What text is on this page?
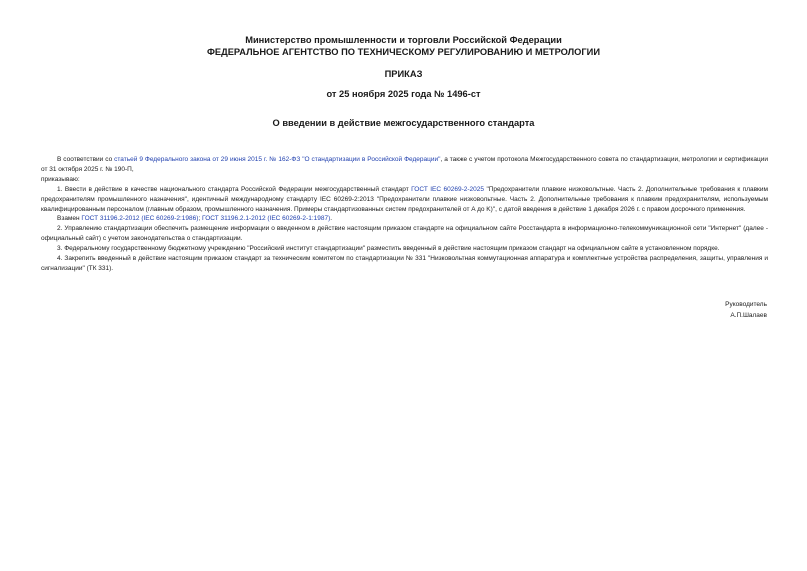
Министерство промышленности и торговли Российской Федерации
ФЕДЕРАЛЬНОЕ АГЕНТСТВО ПО ТЕХНИЧЕСКОМУ РЕГУЛИРОВАНИЮ И МЕТРОЛОГИИ
ПРИКАЗ
от 25 ноября 2025 года № 1496-ст
О введении в действие межгосударственного стандарта

В соответствии со статьей 9 Федерального закона от 29 июня 2015 г. № 162-ФЗ "О стандартизации в Российской Федерации", а также с учетом протокола Межгосударственного совета по стандартизации, метрологии и сертификации от 31 октября 2025 г. № 190-П,

приказываю:

1. Ввести в действие в качестве национального стандарта Российской Федерации межгосударственный стандарт ГОСТ IEC 60269-2-2025 "Предохранители плавкие низковольтные. Часть 2. Дополнительные требования к плавким предохранителям промышленного назначения", идентичный международному стандарту IEC 60269-2:2013 "Предохранители плавкие низковольтные. Часть 2. Дополнительные требования к плавким предохранителям, используемым квалифицированным персоналом (главным образом, промышленного назначения. Примеры стандартизованных систем предохранителей от A до K)", с датой введения в действие 1 декабря 2026 г. с правом досрочного применения.

Взамен ГОСТ 31196.2-2012 (IEC 60269-2:1986); ГОСТ 31196.2.1-2012 (IEC 60269-2-1:1987).

2. Управлению стандартизации обеспечить размещение информации о введенном в действие настоящим приказом стандарте на официальном сайте Росстандарта в информационно-телекоммуникационной сети "Интернет" (далее - официальный сайт) с учетом законодательства о стандартизации.

3. Федеральному государственному бюджетному учреждению "Российский институт стандартизации" разместить введенный в действие настоящим приказом стандарт на официальном сайте в установленном порядке.

4. Закрепить введенный в действие настоящим приказом стандарт за техническим комитетом по стандартизации № 331 "Низковольтная коммутационная аппаратура и комплектные устройства распределения, защиты, управления и сигнализации" (ТК 331).

Руководитель
А.П.Шалаев
